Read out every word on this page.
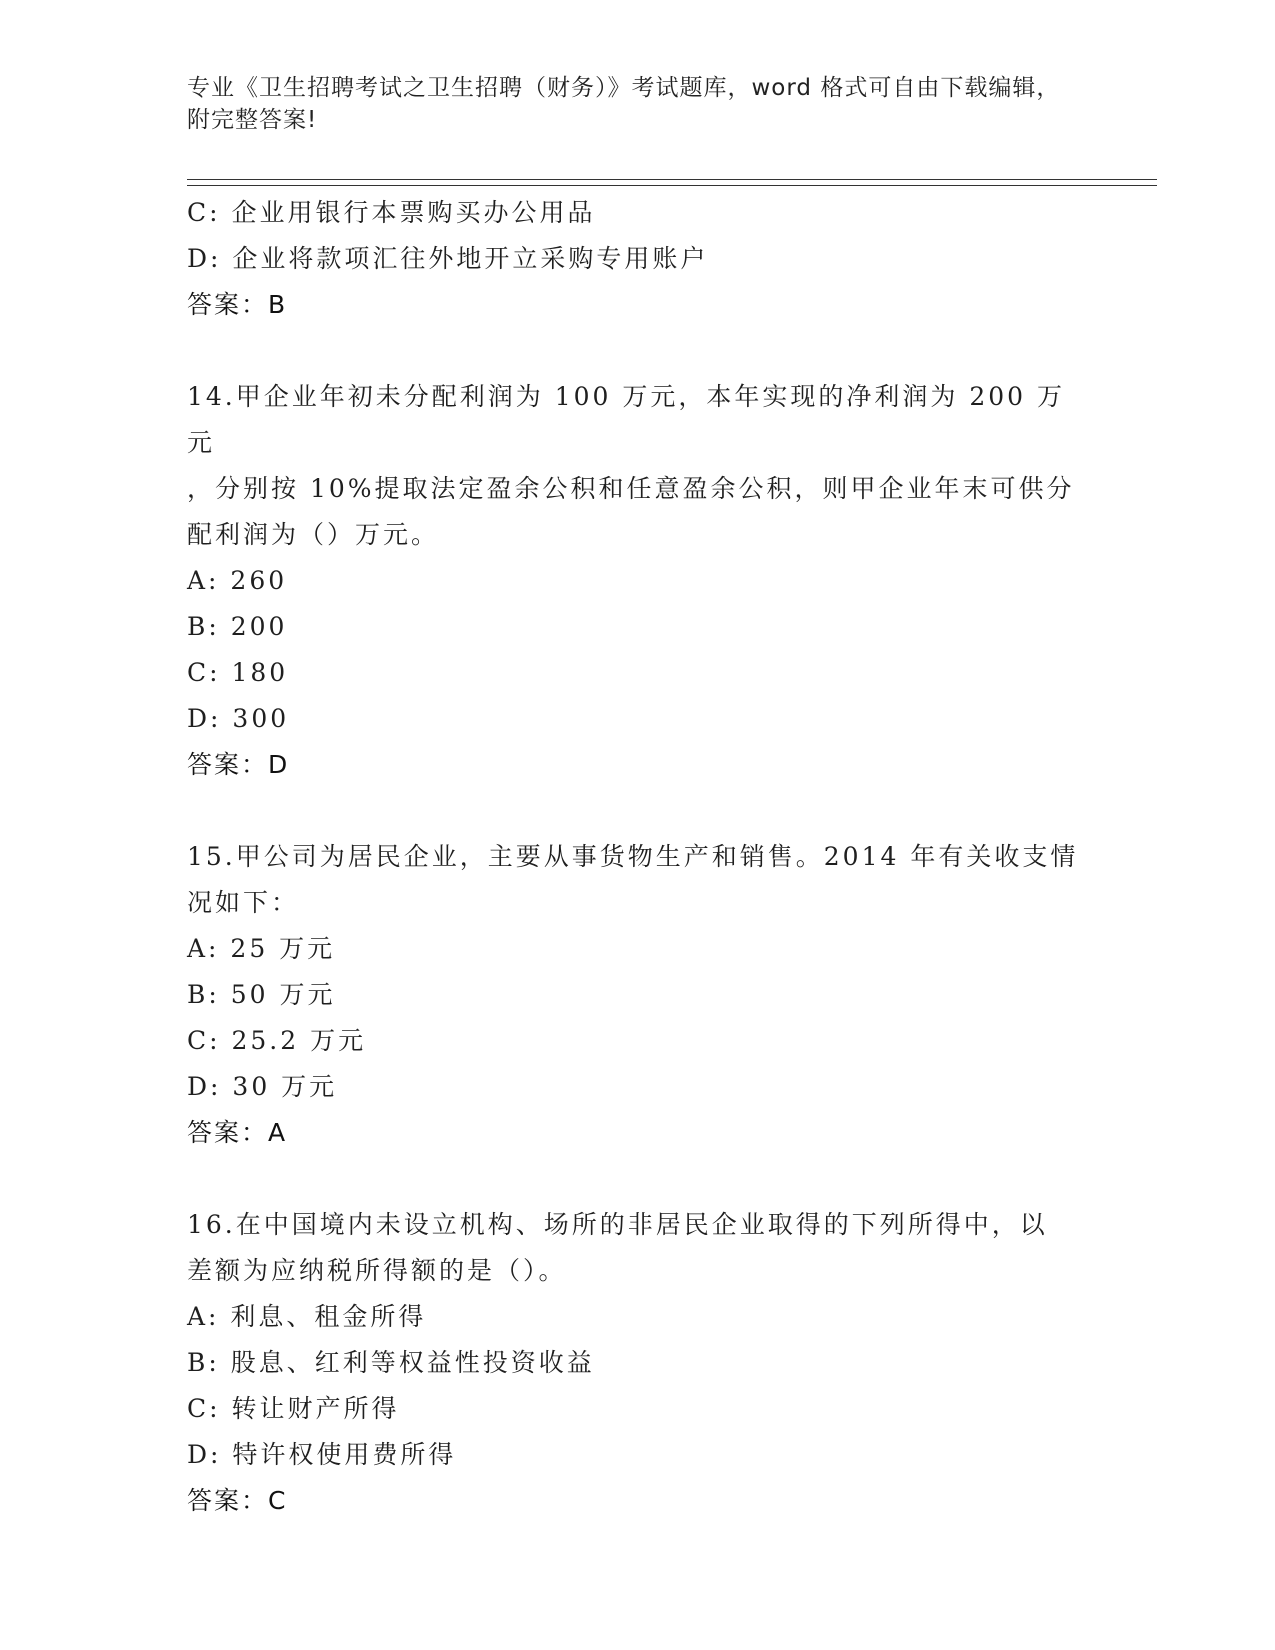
专业《卫生招聘考试之卫生招聘（财务）》考试题库，word 格式可自由下载编辑，附完整答案!
C: 企业用银行本票购买办公用品
D: 企业将款项汇往外地开立采购专用账户
答案：B
14.甲企业年初未分配利润为 100 万元，本年实现的净利润为 200 万元
，分别按 10%提取法定盈余公积和任意盈余公积，则甲企业年末可供分
配利润为（）万元。
A: 260
B: 200
C: 180
D: 300
答案：D
15.甲公司为居民企业，主要从事货物生产和销售。2014 年有关收支情
况如下：
A: 25 万元
B: 50 万元
C: 25.2 万元
D: 30 万元
答案：A
16.在中国境内未设立机构、场所的非居民企业取得的下列所得中，以
差额为应纳税所得额的是（）。
A: 利息、租金所得
B: 股息、红利等权益性投资收益
C: 转让财产所得
D: 特许权使用费所得
答案：C
